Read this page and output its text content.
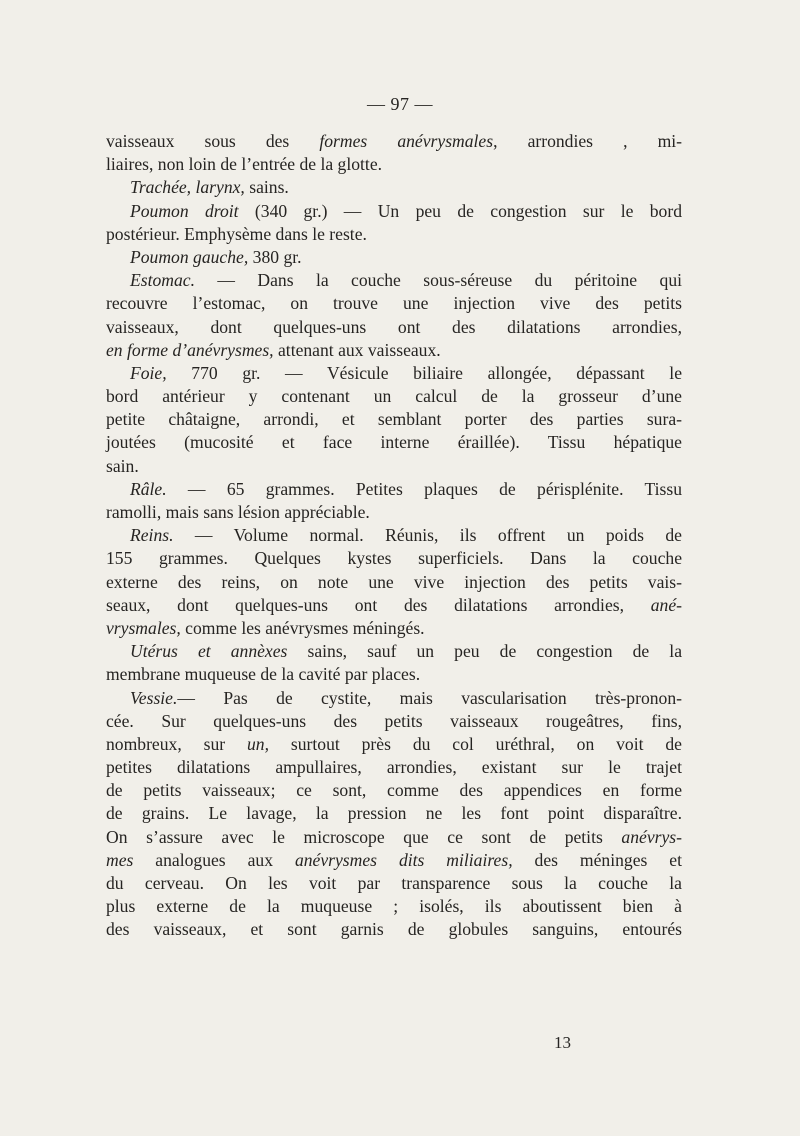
— 97 —
vaisseaux sous des formes anévrysmales, arrondies , mi-
liaires, non loin de l’entrée de la glotte.
Trachée, larynx, sains.
Poumon droit (340 gr.) — Un peu de congestion sur le bord
postérieur. Emphysème dans le reste.
Poumon gauche, 380 gr.
Estomac. — Dans la couche sous-séreuse du péritoine qui
recouvre l’estomac, on trouve une injection vive des petits
vaisseaux, dont quelques-uns ont des dilatations arrondies,
en forme d’anévrysmes, attenant aux vaisseaux.
Foie, 770 gr. — Vésicule biliaire allongée, dépassant le
bord antérieur y contenant un calcul de la grosseur d’une
petite châtaigne, arrondi, et semblant porter des parties sura-
joutées (mucosité et face interne éraillée). Tissu hépatique
sain.
Râle. — 65 grammes. Petites plaques de périsplénite. Tissu
ramolli, mais sans lésion appréciable.
Reins. — Volume normal. Réunis, ils offrent un poids de
155 grammes. Quelques kystes superficiels. Dans la couche
externe des reins, on note une vive injection des petits vais-
seaux, dont quelques-uns ont des dilatations arrondies, ané-
vrysmales, comme les anévrysmes méningés.
Utérus et annèxes sains, sauf un peu de congestion de la
membrane muqueuse de la cavité par places.
Vessie.— Pas de cystite, mais vascularisation très-pronon-
cée. Sur quelques-uns des petits vaisseaux rougeâtres, fins,
nombreux, sur un, surtout près du col uréthral, on voit de
petites dilatations ampullaires, arrondies, existant sur le trajet
de petits vaisseaux; ce sont, comme des appendices en forme
de grains. Le lavage, la pression ne les font point disparaître.
On s’assure avec le microscope que ce sont de petits anévrys-
mes analogues aux anévrysmes dits miliaires, des méninges et
du cerveau. On les voit par transparence sous la couche la
plus externe de la muqueuse ; isolés, ils aboutissent bien à
des vaisseaux, et sont garnis de globules sanguins, entourés
13
